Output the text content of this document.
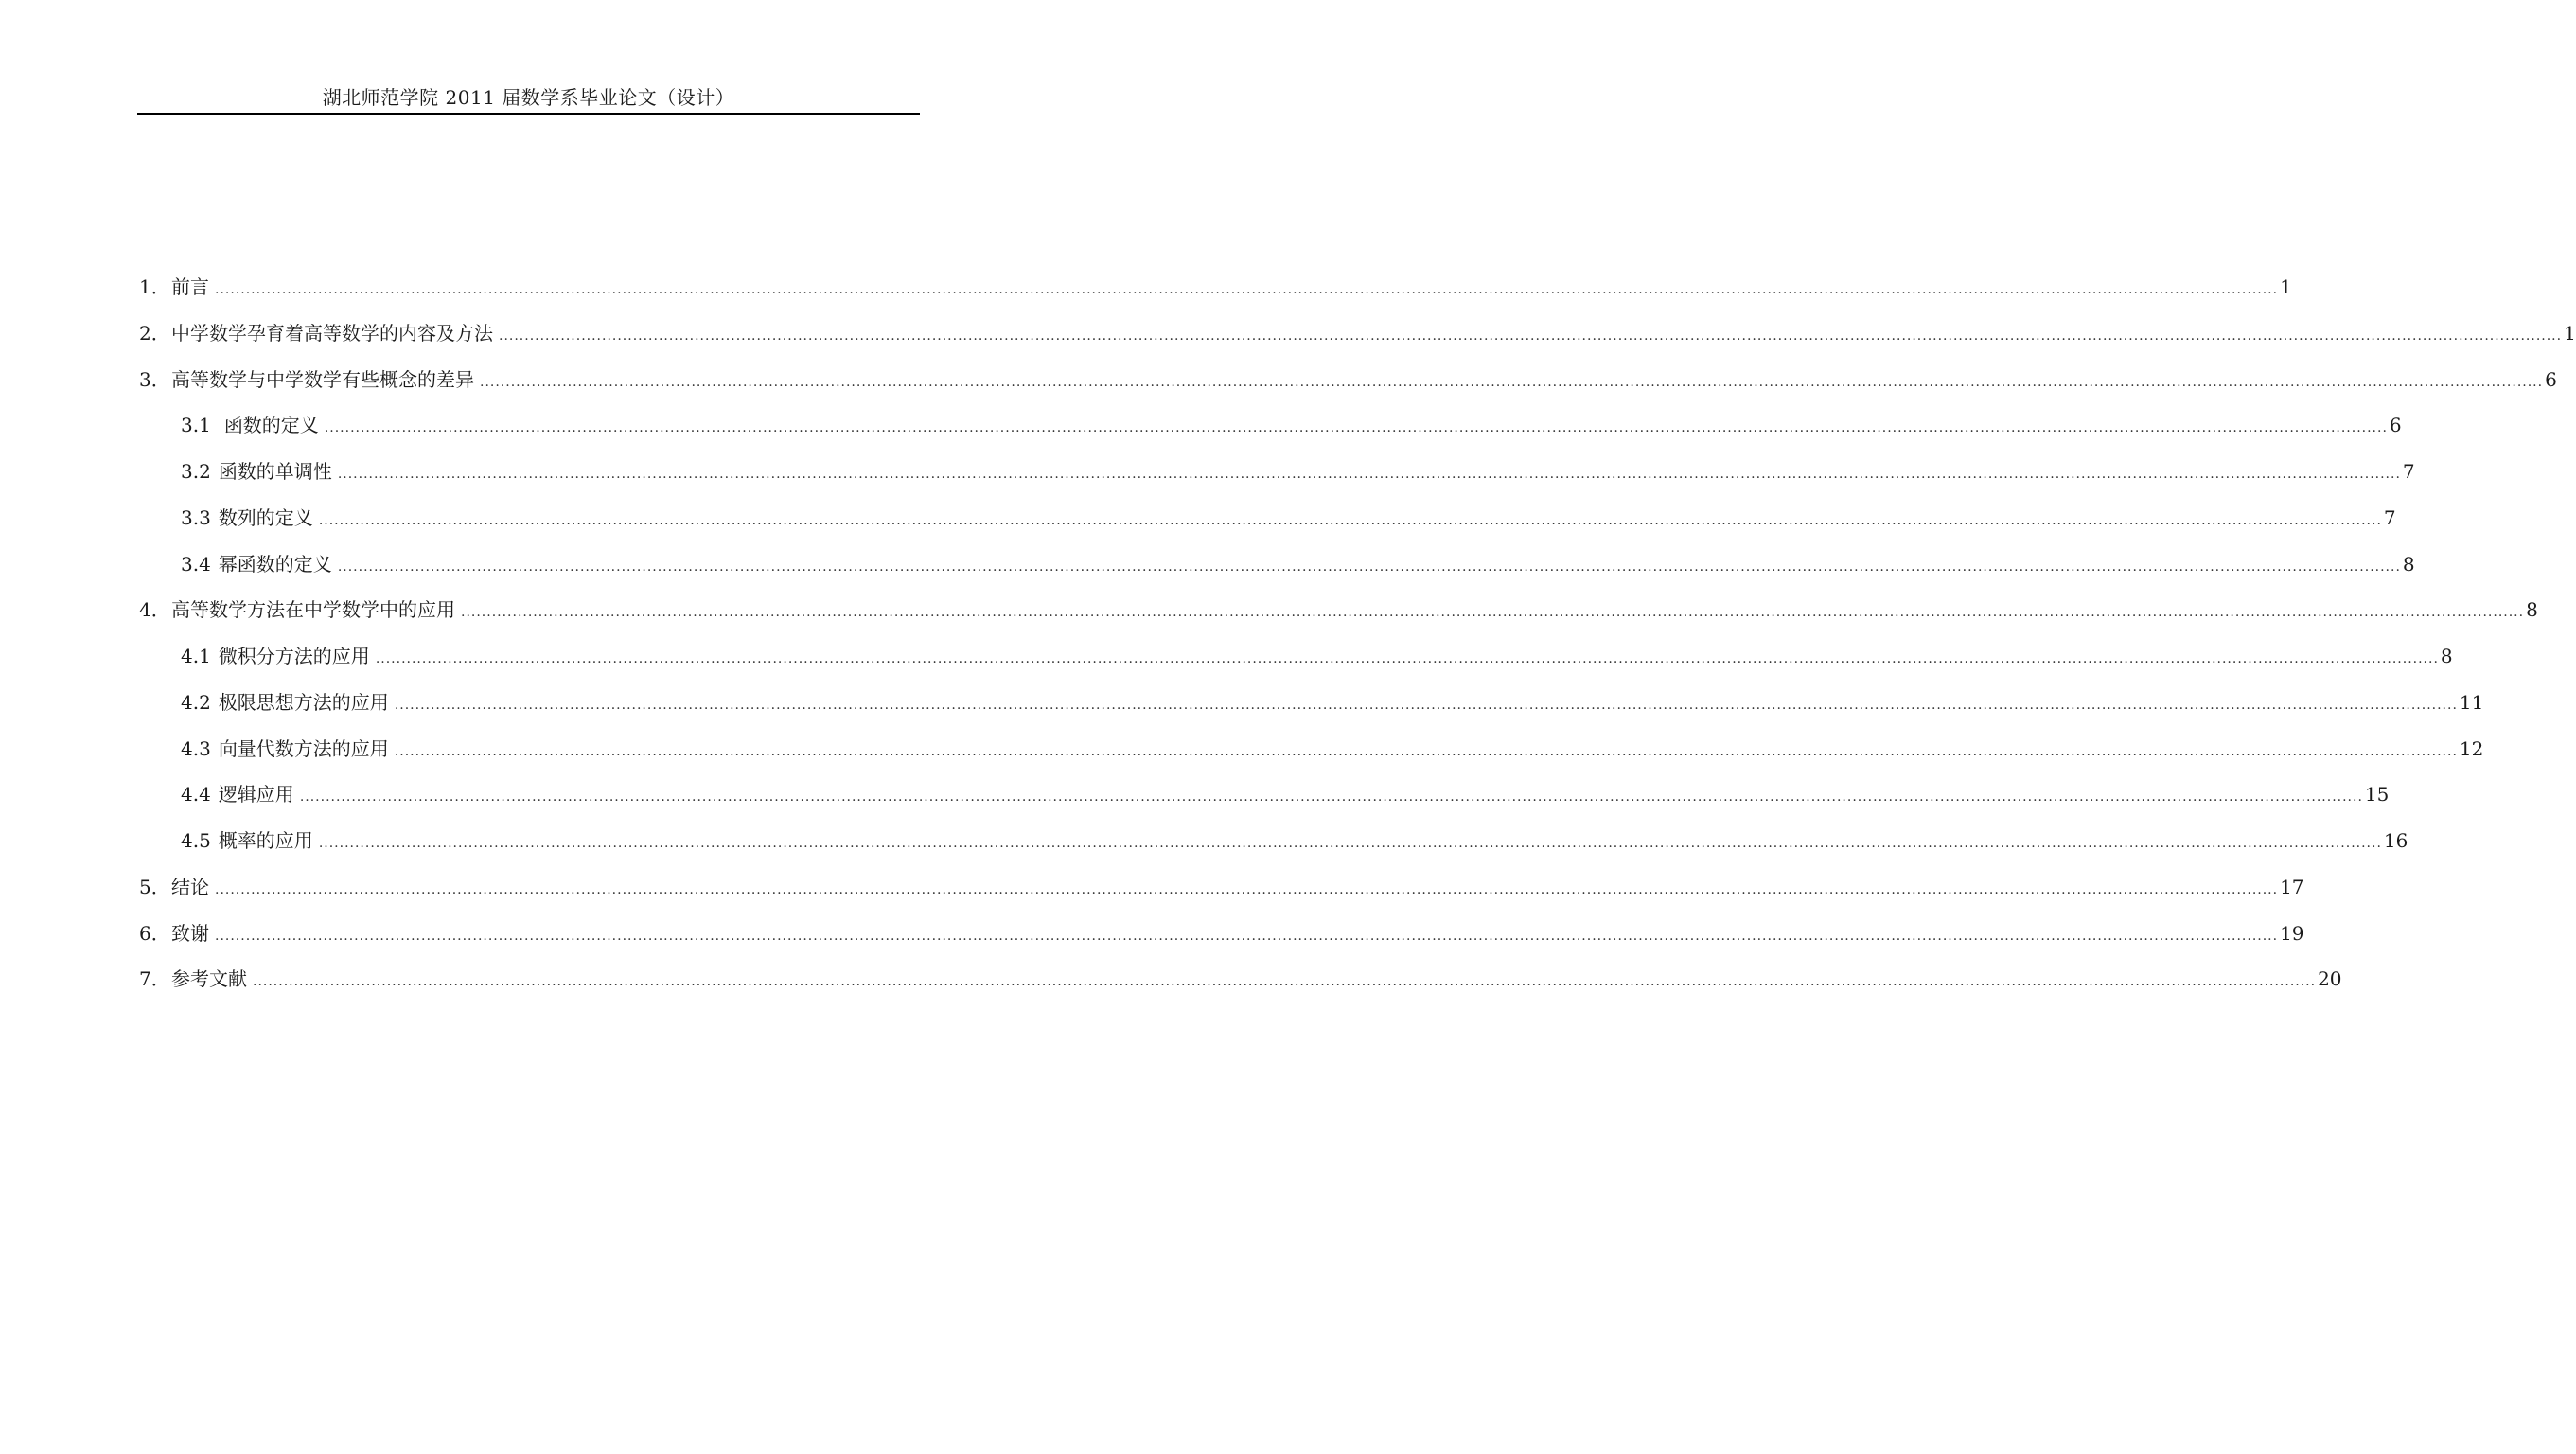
湖北师范学院 2011 届数学系毕业论文（设计）
1． 前言 ................................................................................................................................................................................................................................................................................................................................................................................................................ 1
2． 中学数学孕育着高等数学的内容及方法 ................................................................................................................................................................................................................................................................................................................................................................................................................ 1
3． 高等数学与中学数学有些概念的差异 ................................................................................................................................................................................................................................................................................................................................................................................................................ 6
3.1 函数的定义 ................................................................................................................................................................................................................................................................................................................................................................................................................ 6
3.2 函数的单调性 ................................................................................................................................................................................................................................................................................................................................................................................................................ 7
3.3 数列的定义 ................................................................................................................................................................................................................................................................................................................................................................................................................ 7
3.4 幂函数的定义 ................................................................................................................................................................................................................................................................................................................................................................................................................ 8
4． 高等数学方法在中学数学中的应用 ................................................................................................................................................................................................................................................................................................................................................................................................................ 8
4.1 微积分方法的应用 ................................................................................................................................................................................................................................................................................................................................................................................................................ 8
4.2 极限思想方法的应用 ................................................................................................................................................................................................................................................................................................................................................................................................................ 11
4.3 向量代数方法的应用 ................................................................................................................................................................................................................................................................................................................................................................................................................ 12
4.4 逻辑应用 ................................................................................................................................................................................................................................................................................................................................................................................................................ 15
4.5 概率的应用 ................................................................................................................................................................................................................................................................................................................................................................................................................ 16
5． 结论 ................................................................................................................................................................................................................................................................................................................................................................................................................ 17
6． 致谢 ................................................................................................................................................................................................................................................................................................................................................................................................................ 19
7． 参考文献 ................................................................................................................................................................................................................................................................................................................................................................................................................ 20
